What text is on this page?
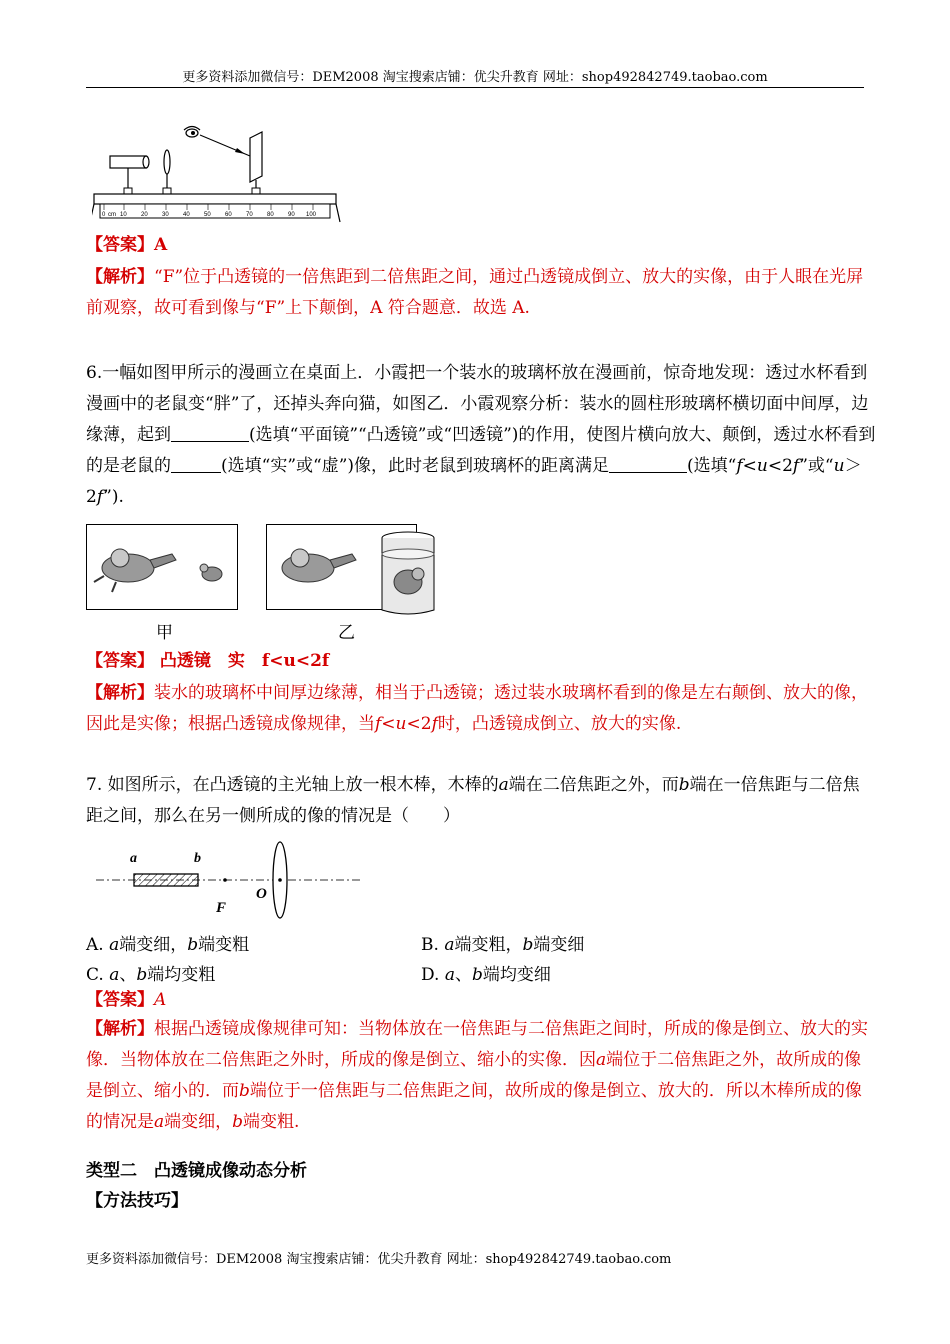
更多资料添加微信号：DEM2008 淘宝搜索店铺：优尖升教育 网址：shop492842749.taobao.com
0 cm 10 20 30 40 50 60 70 80 90 100
【答案】A
【解析】“F”位于凸透镜的一倍焦距到二倍焦距之间，通过凸透镜成倒立、放大的实像，由于人眼在光屏前观察，故可看到像与“F”上下颠倒，A 符合题意．故选 A.
6.一幅如图甲所示的漫画立在桌面上．小霞把一个装水的玻璃杯放在漫画前，惊奇地发现：透过水杯看到漫画中的老鼠变“胖”了，还掉头奔向猫，如图乙．小霞观察分析：装水的圆柱形玻璃杯横切面中间厚，边缘薄，起到	(选填“平面镜”“凸透镜”或“凹透镜”)的作用，使图片横向放大、颠倒，透过水杯看到的是老鼠的	(选填“实”或“虚”)像，此时老鼠到玻璃杯的距离满足	(选填“f<u<2f”或“u＞2f”).
甲	乙
【答案】 凸透镜　实　f<u<2f
【解析】装水的玻璃杯中间厚边缘薄，相当于凸透镜；透过装水玻璃杯看到的像是左右颠倒、放大的像，因此是实像；根据凸透镜成像规律，当f<u<2f时，凸透镜成倒立、放大的实像.
7. 如图所示，在凸透镜的主光轴上放一根木棒，木棒的a端在二倍焦距之外，而b端在一倍焦距与二倍焦距之间，那么在另一侧所成的像的情况是（　　）
a	b
F
O
A. a端变细，b端变粗	B. a端变粗，b端变细
C. a、b端均变粗	D. a、b端均变细
【答案】A
【解析】根据凸透镜成像规律可知：当物体放在一倍焦距与二倍焦距之间时，所成的像是倒立、放大的实像．当物体放在二倍焦距之外时，所成的像是倒立、缩小的实像．因a端位于二倍焦距之外，故所成的像是倒立、缩小的．而b端位于一倍焦距与二倍焦距之间，故所成的像是倒立、放大的．所以木棒所成的像的情况是a端变细，b端变粗.
类型二　凸透镜成像动态分析
【方法技巧】
更多资料添加微信号：DEM2008 淘宝搜索店铺：优尖升教育 网址：shop492842749.taobao.com
